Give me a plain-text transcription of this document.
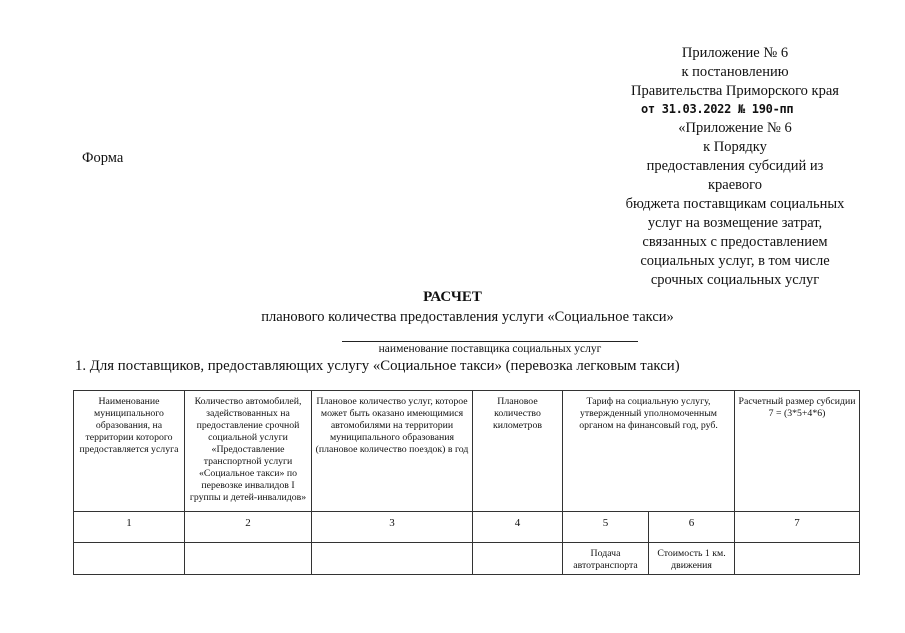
Приложение № 6
к постановлению
Правительства Приморского края
от 31.03.2022 № 190-пп
«Приложение № 6
к Порядку
предоставления субсидий из
краевого
бюджета поставщикам социальных
услуг на возмещение затрат,
связанных с предоставлением
социальных услуг, в том числе
срочных социальных услуг
Форма
РАСЧЕТ
планового количества предоставления услуги «Социальное такси»
наименование поставщика социальных услуг
1. Для поставщиков, предоставляющих услугу «Социальное такси» (перевозка легковым такси)
Наименование муниципального образования, на территории которого предоставляется услуга	Количество автомобилей, задействованных на предоставление срочной социальной услуги «Предоставление транспортной услуги «Социальное такси» по перевозке инвалидов I группы и детей-инвалидов»	Плановое количество услуг, которое может быть оказано имеющимися автомобилями на территории муниципального образования (плановое количество поездок) в год	Плановое количество километров	Тариф на социальную услугу, утвержденный уполномоченным органом на финансовый год, руб.		Расчетный размер субсидии 7 = (3*5+4*6)
1	2	3	4	5	6	7
				Подача автотранспорта	Стоимость 1 км. движения	
